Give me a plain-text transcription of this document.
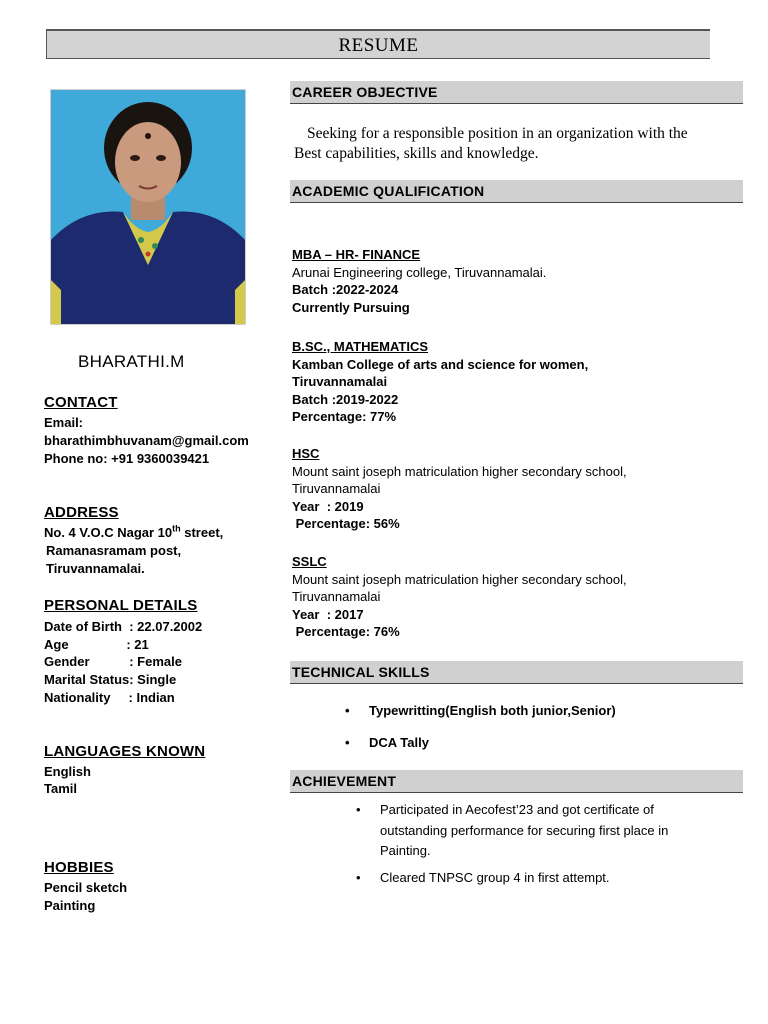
RESUME
BHARATHI.M
CONTACT
Email:
bharathimbhuvanam@gmail.com
Phone no: +91 9360039421
ADDRESS
No. 4 V.O.C Nagar 10th street,
Ramanasramam post,
Tiruvannamalai.
PERSONAL DETAILS
Date of Birth  : 22.07.2002
Age                : 21
Gender           : Female
Marital Status: Single
Nationality     : Indian
LANGUAGES KNOWN
English
Tamil
HOBBIES
Pencil sketch
Painting
CAREER OBJECTIVE
Seeking for a responsible position in an organization with the
Best capabilities, skills and knowledge.
ACADEMIC QUALIFICATION
MBA – HR- FINANCE
Arunai Engineering college, Tiruvannamalai.
Batch :2022-2024
Currently Pursuing
B.SC., MATHEMATICS
Kamban College of arts and science for women,
Tiruvannamalai
Batch :2019-2022
Percentage: 77%
HSC
Mount saint joseph matriculation higher secondary school,
Tiruvannamalai
Year  : 2019
Percentage: 56%
SSLC
Mount saint joseph matriculation higher secondary school,
Tiruvannamalai
Year  : 2017
Percentage: 76%
TECHNICAL SKILLS
• Typewritting(English both junior,Senior)
• DCA Tally
ACHIEVEMENT
• Participated in Aecofest’23 and got certificate of
outstanding performance for securing first place in
Painting.
• Cleared TNPSC group 4 in first attempt.
